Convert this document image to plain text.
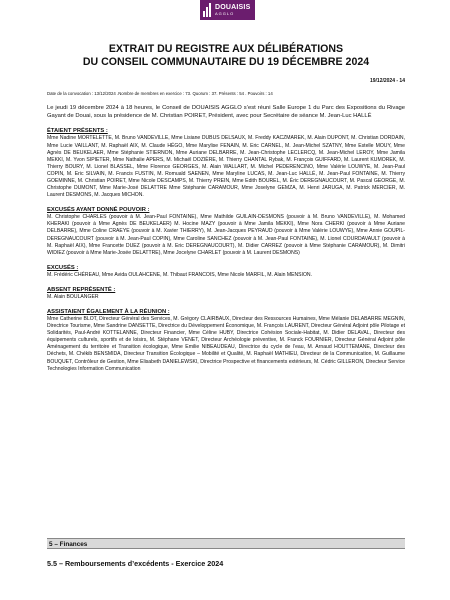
DOUAISIS
AGGLO

EXTRAIT DU REGISTRE AUX DÉLIBÉRATIONS
DU CONSEIL COMMUNAUTAIRE DU 19 DÉCEMBRE 2024

19/12/2024 - 14
Date de la convocation : 13/12/2024 .Nombre de membres en exercice : 73. Quorum : 37. Présents : 54 . Pouvoirs : 14

Le jeudi 19 décembre 2024 à 18 heures, le Conseil de DOUAISIS AGGLO s’est réuni Salle Europe 1 du Parc des Expositions du Rivage Gayant de Douai, sous la présidence de M. Christian POIRET, Président, avec pour Secrétaire de séance M. Jean-Luc HALLÉ

ÉTAIENT PRÉSENTS :

Mme Nadine MORTELETTE, M. Bruno VANDEVILLE, Mme Lisiane DUBUS DELSAUX, M. Freddy KACZMAREK, M. Alain DUPONT, M. Christian DORDAIN, Mme Lucie VAILLANT, M. Raphaël AIX, M. Claude HÉGO, Mme Marylise FENAIN, M. Eric CARNEL, M. Jean-Michel SZATNY, Mme Estelle MOUY, Mme Agnès DE BEUKELAER, Mme Stéphanie STIERNON, Mme Auriane DELBARRE, M. Jean-Christophe LECLERCQ, M. Jean-Michel LEROY, Mme Jamila MEKKI, M. Yvon SIPIETER, Mme Nathalie APERS, M. Michaël DOZIÈRE, M. Thierry CHANTAL Rybak, M. François GUIFFARD, M. Laurent KUMOREK, M. Thierry BOURY, M. Lionel BLASSEL, Mme Florence GEORGES, M. Alain WALLART, M. Michel PEDERENCINO, Mme Valérie LOUWYE, M. Jean-Paul COPIN, M. Eric SILVAIN, M. Francis FUSTIN, M. Romuald SAENEN, Mme Maryline LUCAS, M. Jean-Luc HALLÉ, M. Jean-Paul FONTAINE, M. Thierry GOEMINNE, M. Christian POIRET, Mme Nicole DESCAMPS, M. Thierry PREIN, Mme Edith BOUREL, M. Éric DEREGNAUCOURT, M. Pascal GEORGE, M. Christophe DUMONT, Mme Marie-José DELATTRE Mme Stéphanie CARAMOUR, Mme Joselyne GEMZA, M. Henri JARUGA, M. Patrick MERCIER, M. Laurent DESMONS, M. Jacques MICHON.

EXCUSÉS AYANT DONNÉ POUVOIR :

M. Christophe CHARLES (pouvoir à M. Jean-Paul FONTAINE), Mme Mathilde GUILAIN-DESMONS (pouvoir à M. Bruno VANDEVILLE), M. Mohamed KHERAKI (pouvoir à Mme Agnès DE BEUKELAER) M. Hocine MAZY (pouvoir à Mme Jamila MEKKI), Mme Nora CHERKI (pouvoir à Mme Auriane DELBARRE), Mme Coline CRAEYE (pouvoir à M. Xavier THIERRY), M. Jean-Jacques PEYRAUD (pouvoir à Mme Valérie LOUWYE), Mme Annie GOUPIL-DEREGNAUCOURT (pouvoir à M. Jean-Paul COPIN), Mme Caroline SANCHEZ (pouvoir à M. Jean-Paul FONTAINE), M. Lionel COURDAVAULT (pouvoir à M. Raphaël AIX), Mme Francette DUEZ (pouvoir à M. Eric DEREGNAUCOURT), M. Didier CARREZ (pouvoir à Mme Stéphanie CARAMOUR), M. Dimitri WIDIEZ (pouvoir à Mme Marie-Josée DELATTRE), Mme Jocelyne CHARLET (pouvoir à M. Laurent DESMONS)

EXCUSÉS :

M. Frédéric CHÉREAU, Mme Avida OULAHCENE, M. Thibaut FRANCOIS, Mme Nicole MARFIL, M. Alain MENSION.

ABSENT REPRÉSENTÉ :

M. Alain BOULANGER

ASSISTAIENT ÉGALEMENT À LA RÉUNION :

Mme Catherine BLOT, Directeur Général des Services, M. Grégory CLAIRBAUX, Directeur des Ressources Humaines, Mme Mélanie DELABARRE MEGNIN, Directrice Tourisme, Mme Sandrine DANSETTE, Directrice du Développement Économique, M. François LAURENT, Directeur Général Adjoint pôle Pilotage et Solidarités, Paul-André KOTTELANNE, Directeur Financier, Mme Céline HUBY, Directrice Cohésion Sociale-Habitat, M. Didier DELAVAL, Directeur des équipements culturels, sportifs et de loisirs, M. Stéphane VENET, Directeur Archéologie préventive, M. Franck FOURNIER, Directeur Général Adjoint pôle Aménagement du territoire et Transition écologique, Mme Emilie NIBEAUDEAU, Directrice du cycle de l’eau, M. Arnaud HOUTTEMANE, Directeur des Déchets, M. Chékib BENSMIDA, Directeur Transition Écologique – Mobilité et Qualité, M. Raphaël MATHIEU, Directeur de la Communication, M. Guillaume BOUQUET, Contrôleur de Gestion, Mme Elisabeth DANIELEWSKI, Directrice Prospective et financements extérieurs, M. Cédric GILLERON, Directeur Service Technologies Information Communication

5 – Finances
5.5 – Remboursements d’excédents - Exercice 2024
